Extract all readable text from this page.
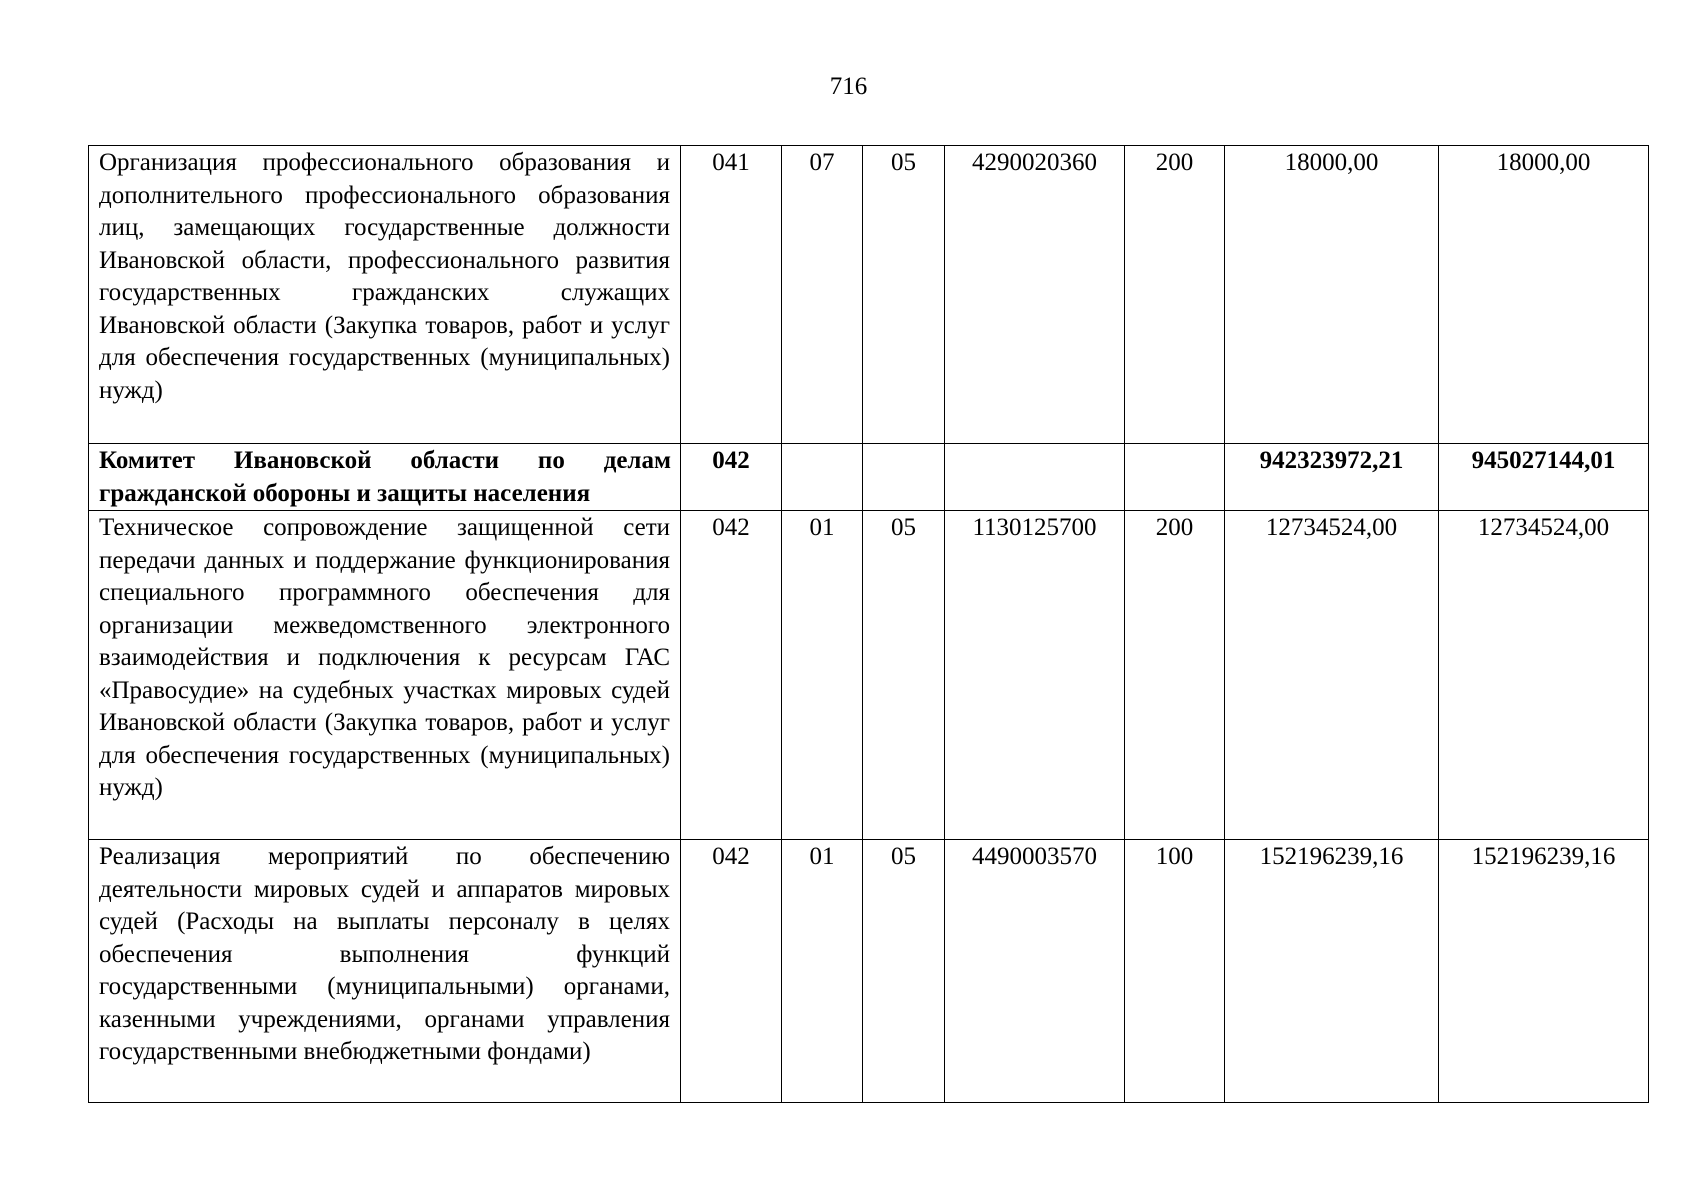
716
Организация профессионального образования и дополнительного профессионального образования лиц, замещающих государственные должности Ивановской области, профессионального развития государственных гражданских служащих Ивановской области (Закупка товаров, работ и услуг для обеспечения государственных (муниципальных) нужд)	041	07	05	4290020360	200	18000,00	18000,00
Комитет Ивановской области по делам гражданской обороны и защиты населения	042					942323972,21	945027144,01
Техническое сопровождение защищенной сети передачи данных и поддержание функционирования специального программного обеспечения для организации межведомственного электронного взаимодействия и подключения к ресурсам ГАС «Правосудие» на судебных участках мировых судей Ивановской области (Закупка товаров, работ и услуг для обеспечения государственных (муниципальных) нужд)	042	01	05	1130125700	200	12734524,00	12734524,00
Реализация мероприятий по обеспечению деятельности мировых судей и аппаратов мировых судей (Расходы на выплаты персоналу в целях обеспечения выполнения функций государственными (муниципальными) органами, казенными учреждениями, органами управления государственными внебюджетными фондами)	042	01	05	4490003570	100	152196239,16	152196239,16
